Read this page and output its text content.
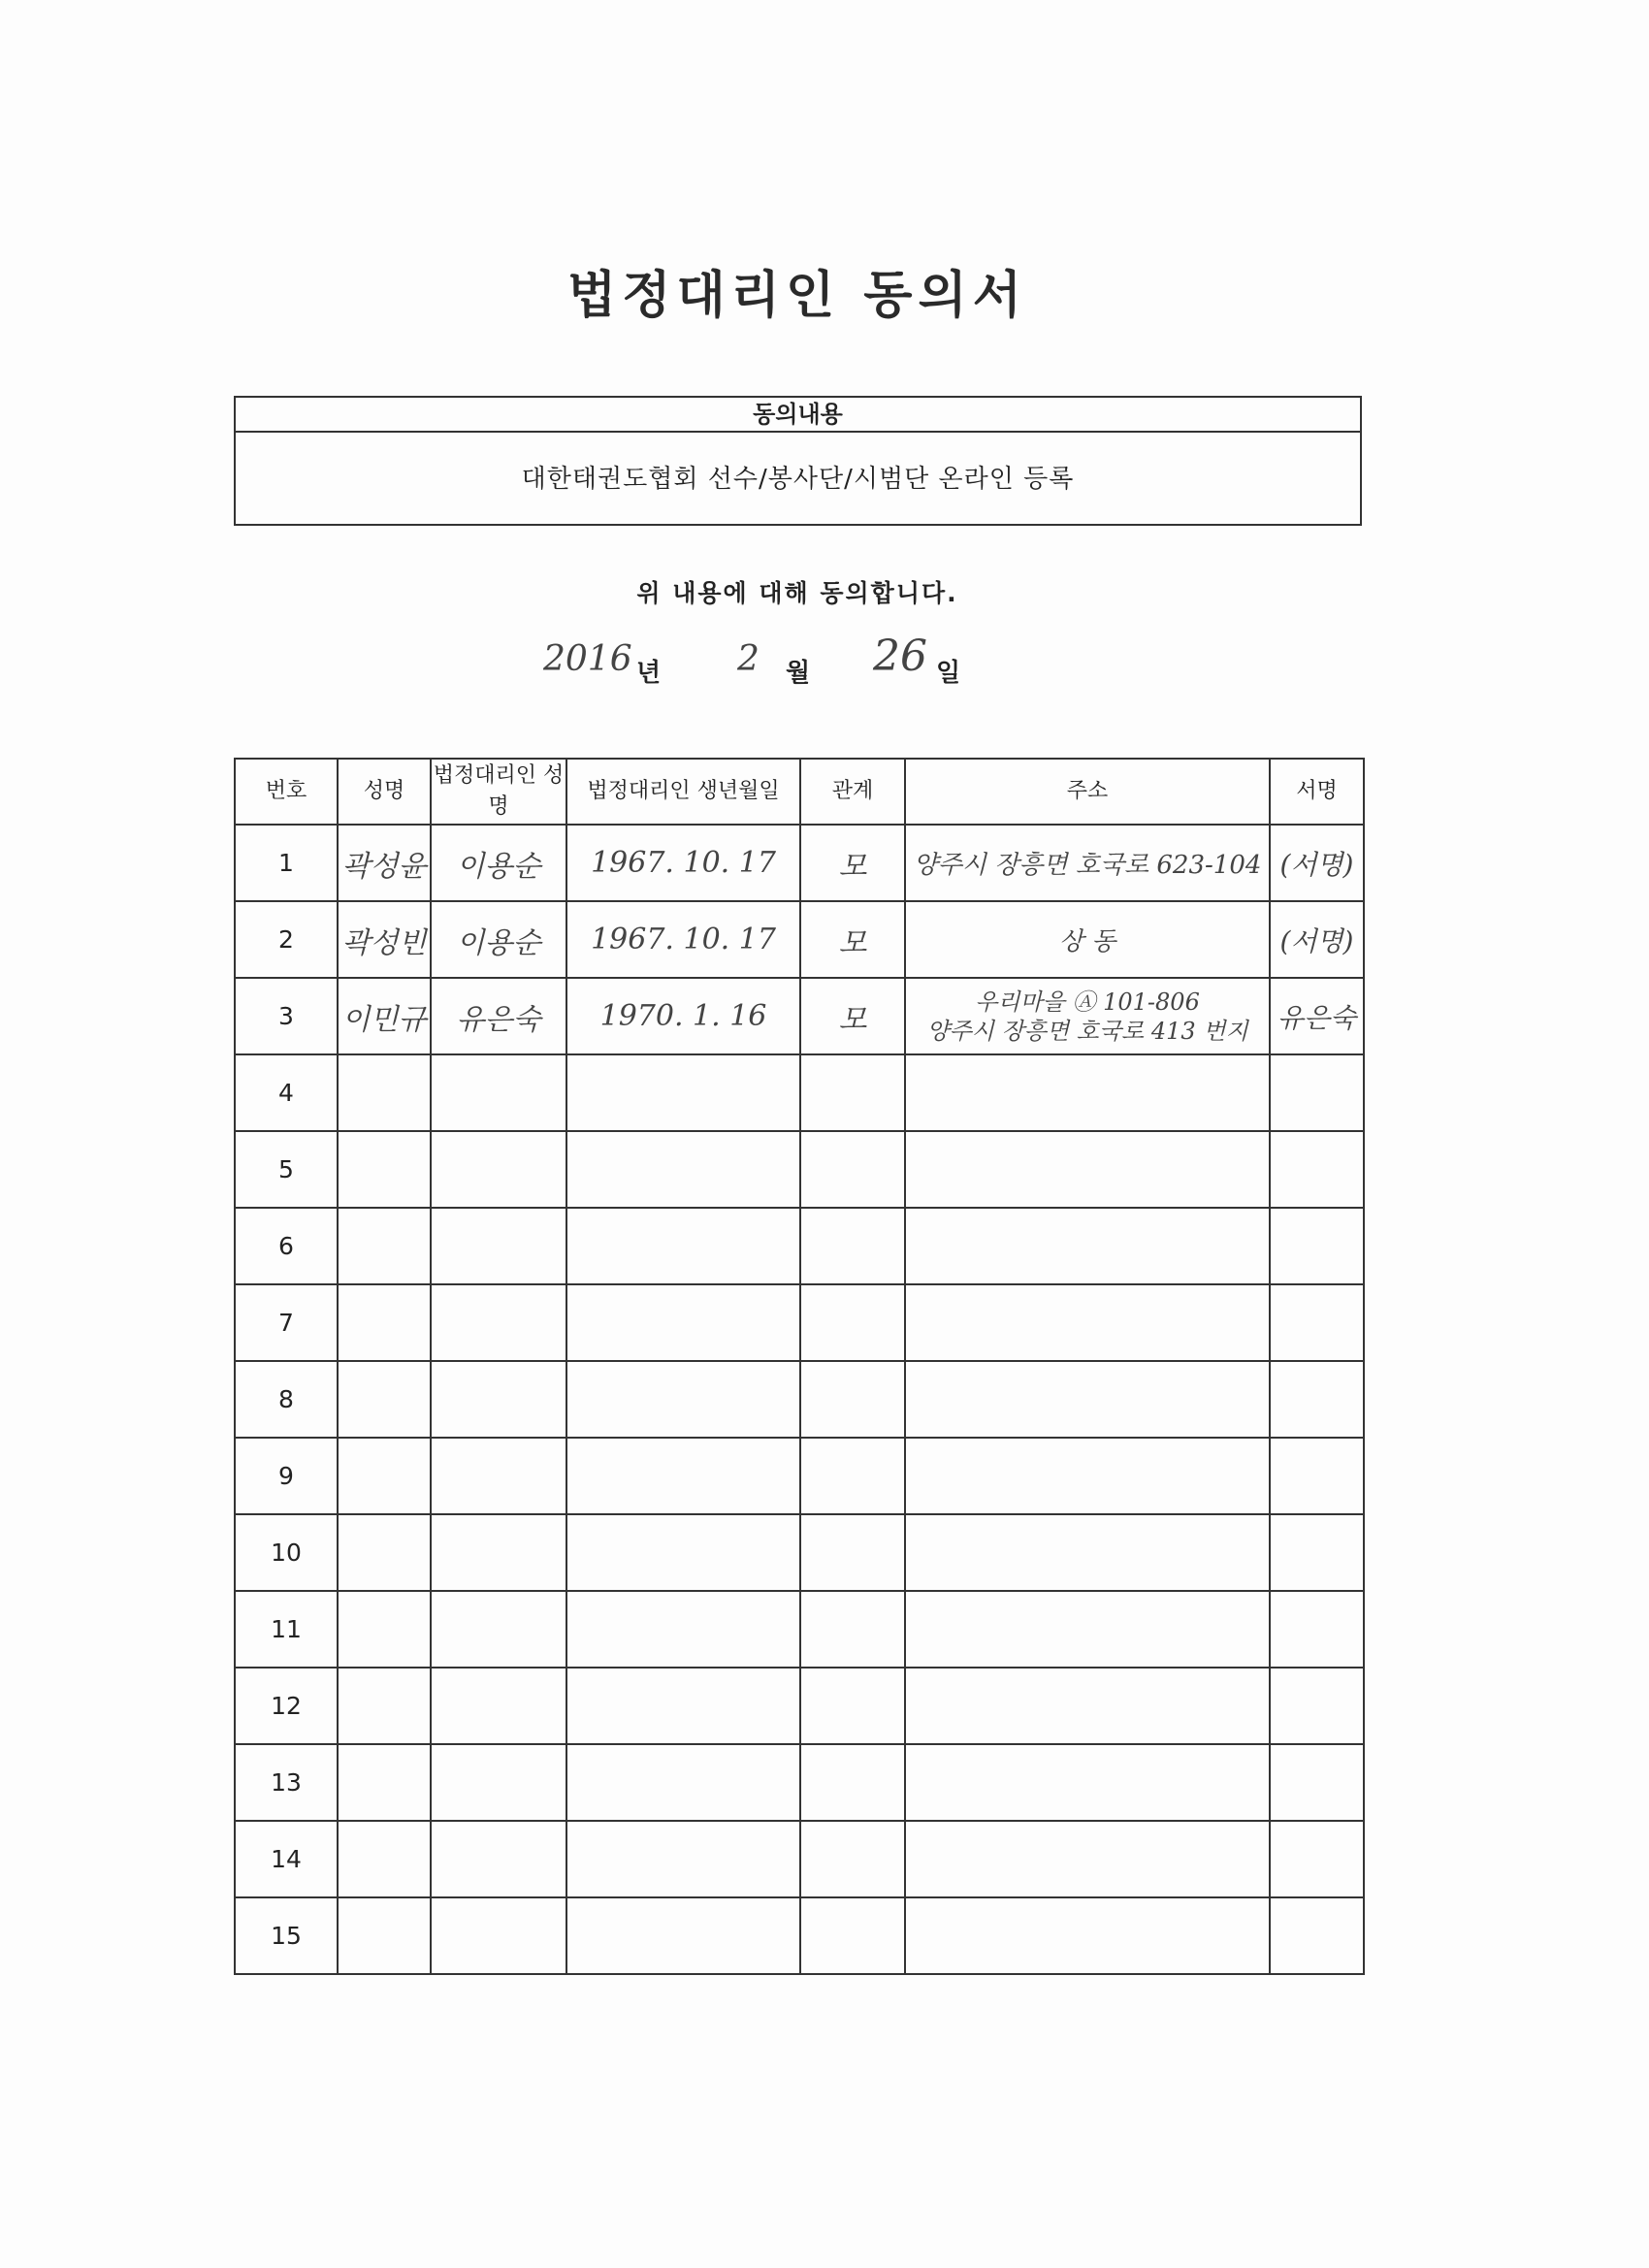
법정대리인 동의서
동의내용
대한태권도협회 선수/봉사단/시범단 온라인 등록
위 내용에 대해 동의합니다.
2016 년 2 월 26 일
번호	성명	법정대리인 성명	법정대리인 생년월일	관계	주소	서명
1	곽성윤	이용순	1967. 10. 17	모	양주시 장흥면 호국로 623-104	(서명)
2	곽성빈	이용순	1967. 10. 17	모	상 동	(서명)
3	이민규	유은숙	1970. 1. 16	모	우리마을 Ⓐ 101-806
양주시 장흥면 호국로 413 번지	유은숙
4						
5						
6						
7						
8						
9						
10						
11						
12						
13						
14						
15						
